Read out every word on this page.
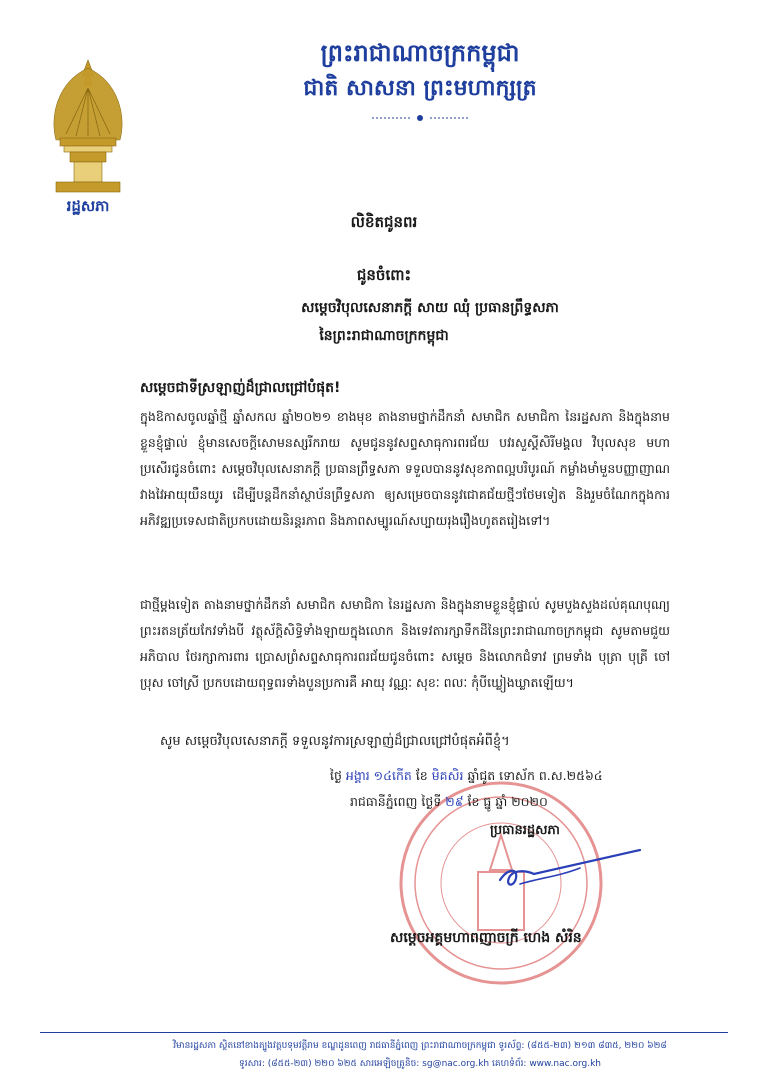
ព្រះរាជាណាចក្រកម្ពុជា
ជាតិ សាសនា ព្រះមហាក្សត្រ
រដ្ឋសភា
លិខិតជូនពរ
ជូនចំពោះ
សម្តេចវិបុលសេនាភក្តី សាយ ឈុំ ប្រធានព្រឹទ្ធសភា
នៃព្រះរាជាណាចក្រកម្ពុជា
សម្តេចជាទីស្រឡាញ់ដ៏ជ្រាលជ្រៅបំផុត!
ក្នុងឱកាសចូលឆ្នាំថ្មី ឆ្នាំសកល ឆ្នាំ២០២១ ខាងមុខ តាងនាមថ្នាក់ដឹកនាំ សមាជិក សមាជិកា នៃរដ្ឋសភា និងក្នុងនាមខ្លួនខ្ញុំផ្ទាល់ ខ្ញុំមានសេចក្តីសោមនស្សរីករាយ សូមជូននូវសព្ទសាធុការពរជ័យ បវរសួស្តីសិរីមង្គល វិបុលសុខ មហាប្រសើរជូនចំពោះ សម្តេចវិបុលសេនាភក្តី ប្រធានព្រឹទ្ធសភា ទទួលបាននូវសុខភាពល្អបរិបូរណ៍ កម្លាំងមាំមួនបញ្ញាញាណវាងវៃអាយុយឺនយូរ ដើម្បីបន្តដឹកនាំស្ថាប័នព្រឹទ្ធសភា ឲ្យសម្រេចបាននូវជោគជ័យថ្មីៗថែមទៀត និងរួមចំណែកក្នុងការអភិវឌ្ឍប្រទេសជាតិប្រកបដោយនិរន្តរភាព និងភាពសម្បូរណ៍សប្បាយរុងរឿងហូតតរៀងទៅ។
ជាថ្មីម្តងទៀត តាងនាមថ្នាក់ដឹកនាំ សមាជិក សមាជិកា នៃរដ្ឋសភា និងក្នុងនាមខ្លួនខ្ញុំផ្ទាល់ សូមបួងសួងដល់គុណបុណ្យព្រះរតនត្រ័យកែវទាំងបី វត្ថុស័ក្តិសិទ្ធិទាំងឡាយក្នុងលោក និងទេវតារក្សាទឹកដីនៃព្រះរាជាណាចក្រកម្ពុជា សូមតាមជួយអភិបាល ថែរក្សាការពារ ប្រោសព្រំសព្ទសាធុការពរជ័យជូនចំពោះ សម្តេច និងលោកជំទាវ ព្រមទាំង បុត្រា បុត្រី ចៅប្រុស ចៅស្រី ប្រកបដោយពុទ្ធពរទាំងបួនប្រការគឺ អាយុ វណ្ណៈ សុខៈ ពលៈ កុំបីឃ្លៀងឃ្លាតឡើយ។
សូម សម្តេចវិបុលសេនាភក្តី ទទួលនូវការស្រឡាញ់ដ៏ជ្រាលជ្រៅបំផុតអំពីខ្ញុំ។
ថ្ងៃ អង្គារ ១៤កើត ខែ មិគសិរ ឆ្នាំជូត ទោស័ក ព.ស.២៥៦៤
រាជធានីភ្នំពេញ ថ្ងៃទី ២៩ ខែ ធ្នូ ឆ្នាំ ២០២០
ប្រធានរដ្ឋសភា
សម្តេចអគ្គមហាពញាចក្រី ហេង សំរិន
វិមានរដ្ឋសភា ស្ថិតនៅខាងត្បូងវត្តបទុមវត្តីរាម ខណ្ឌដូនពេញ រាជធានីភ្នំពេញ ព្រះរាជាណាចក្រកម្ពុជា ទូរស័ព្ទ: (៨៥៥-២៣) ២១៣ ៨៣៥, ២២០ ៦២៨
ទូរសារ: (៨៥៥-២៣) ២២០ ៦២៥ សារអេឡិចត្រូនិច: sg@nac.org.kh គេហទំព័រ: www.nac.org.kh
